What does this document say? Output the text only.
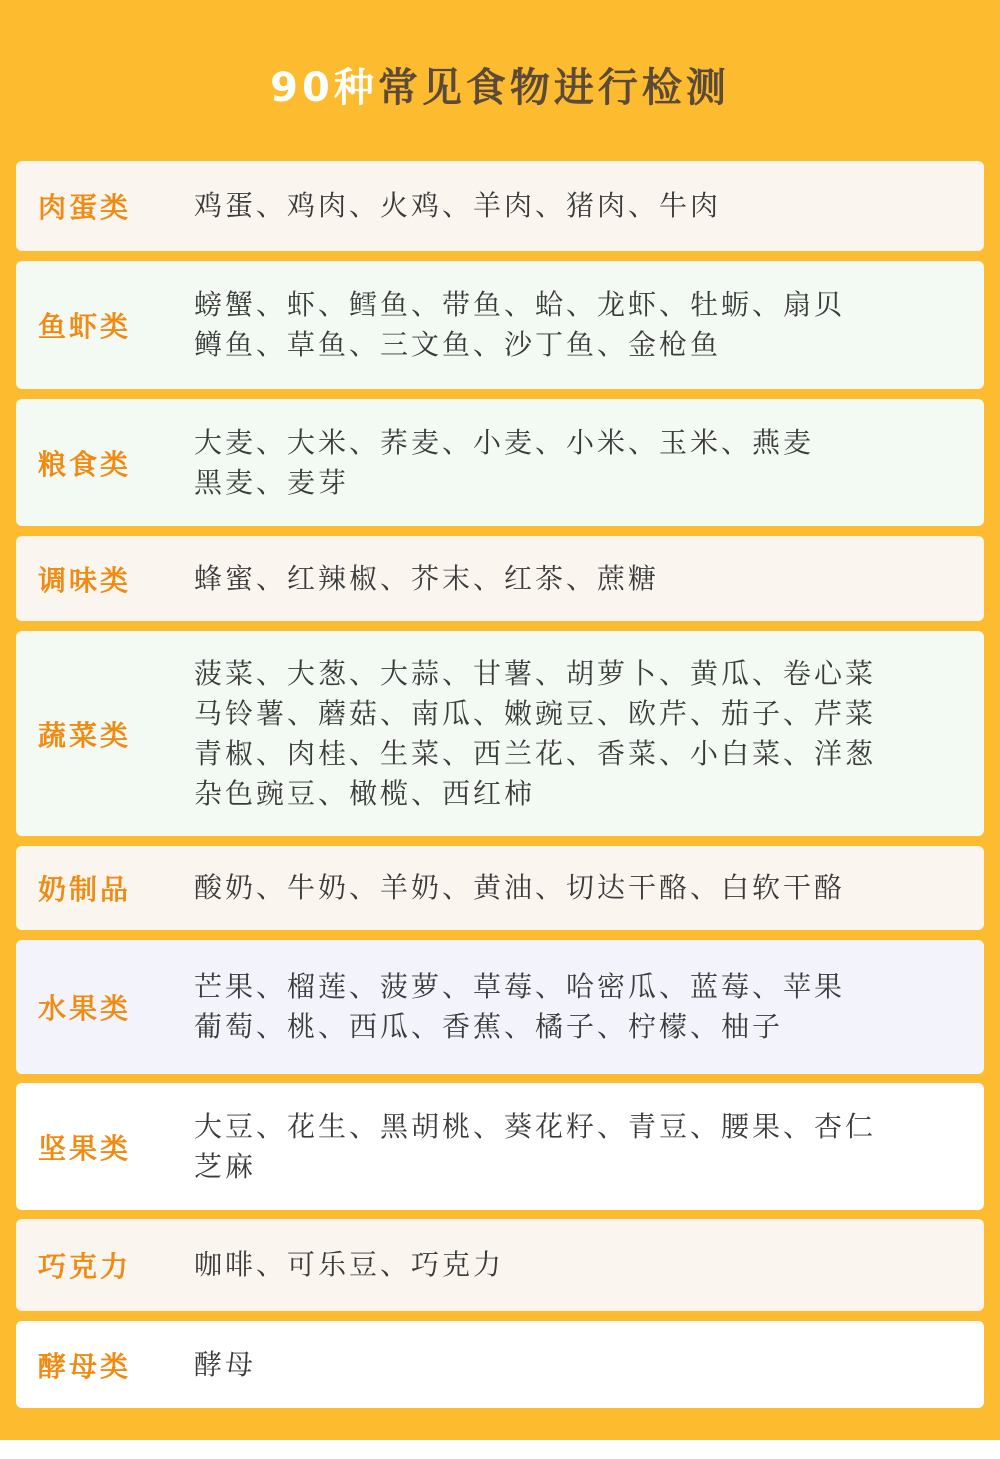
90种常见食物进行检测
肉蛋类 鸡蛋、鸡肉、火鸡、羊肉、猪肉、牛肉
鱼虾类
螃蟹、虾、鳕鱼、带鱼、蛤、龙虾、牡蛎、扇贝
鳟鱼、草鱼、三文鱼、沙丁鱼、金枪鱼
粮食类
大麦、大米、荞麦、小麦、小米、玉米、燕麦
黑麦、麦芽
调味类 蜂蜜、红辣椒、芥末、红茶、蔗糖
蔬菜类
菠菜、大葱、大蒜、甘薯、胡萝卜、黄瓜、卷心菜
马铃薯、蘑菇、南瓜、嫩豌豆、欧芹、茄子、芹菜
青椒、肉桂、生菜、西兰花、香菜、小白菜、洋葱
杂色豌豆、橄榄、西红柿
奶制品 酸奶、牛奶、羊奶、黄油、切达干酪、白软干酪
水果类
芒果、榴莲、菠萝、草莓、哈密瓜、蓝莓、苹果
葡萄、桃、西瓜、香蕉、橘子、柠檬、柚子
坚果类
大豆、花生、黑胡桃、葵花籽、青豆、腰果、杏仁
芝麻
巧克力 咖啡、可乐豆、巧克力
酵母类 酵母
